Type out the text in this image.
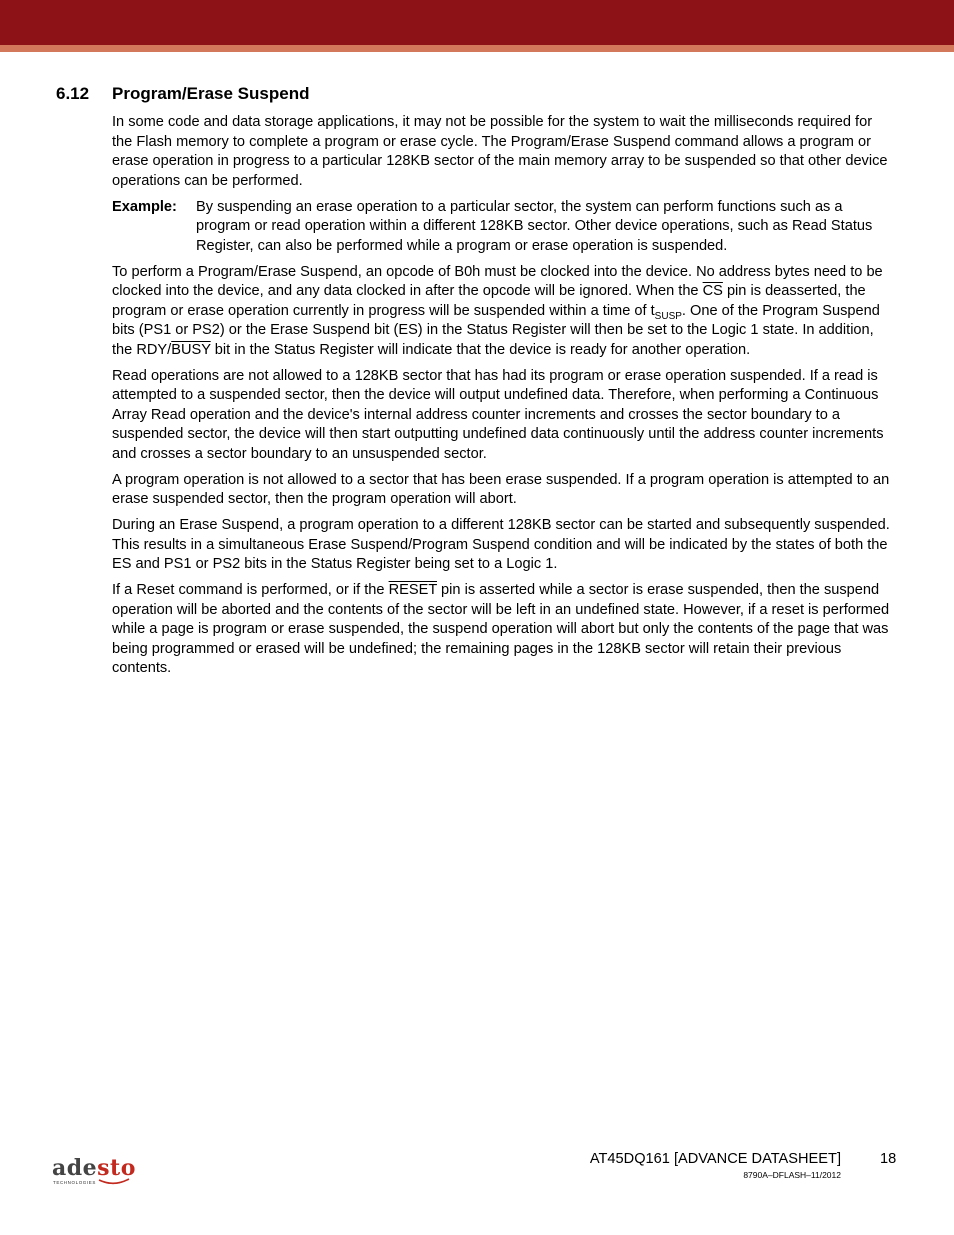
6.12 Program/Erase Suspend

In some code and data storage applications, it may not be possible for the system to wait the milliseconds required for the Flash memory to complete a program or erase cycle. The Program/Erase Suspend command allows a program or erase operation in progress to a particular 128KB sector of the main memory array to be suspended so that other device operations can be performed.

Example:	By suspending an erase operation to a particular sector, the system can perform functions such as a program or read operation within a different 128KB sector. Other device operations, such as Read Status Register, can also be performed while a program or erase operation is suspended.

To perform a Program/Erase Suspend, an opcode of B0h must be clocked into the device. No address bytes need to be clocked into the device, and any data clocked in after the opcode will be ignored. When the $\overline{CS}$ pin is deasserted, the program or erase operation currently in progress will be suspended within a time of $t_{SUSP}$. One of the Program Suspend bits (PS1 or PS2) or the Erase Suspend bit (ES) in the Status Register will then be set to the Logic 1 state. In addition, the RDY/BUSY bit in the Status Register will indicate that the device is ready for another operation.

Read operations are not allowed to a 128KB sector that has had its program or erase operation suspended. If a read is attempted to a suspended sector, then the device will output undefined data. Therefore, when performing a Continuous Array Read operation and the device's internal address counter increments and crosses the sector boundary to a suspended sector, the device will then start outputting undefined data continuously until the address counter increments and crosses a sector boundary to an unsuspended sector.

A program operation is not allowed to a sector that has been erase suspended. If a program operation is attempted to an erase suspended sector, then the program operation will abort.

During an Erase Suspend, a program operation to a different 128KB sector can be started and subsequently suspended. This results in a simultaneous Erase Suspend/Program Suspend condition and will be indicated by the states of both the ES and PS1 or PS2 bits in the Status Register being set to a Logic 1.

If a Reset command is performed, or if the RESET pin is asserted while a sector is erase suspended, then the suspend operation will be aborted and the contents of the sector will be left in an undefined state. However, if a reset is performed while a page is program or erase suspended, the suspend operation will abort but only the contents of the page that was being programmed or erased will be undefined; the remaining pages in the 128KB sector will retain their previous contents.

adesto
TECHNOLOGIES
AT45DQ161 [ADVANCE DATASHEET]	18
8790A–DFLASH–11/2012
